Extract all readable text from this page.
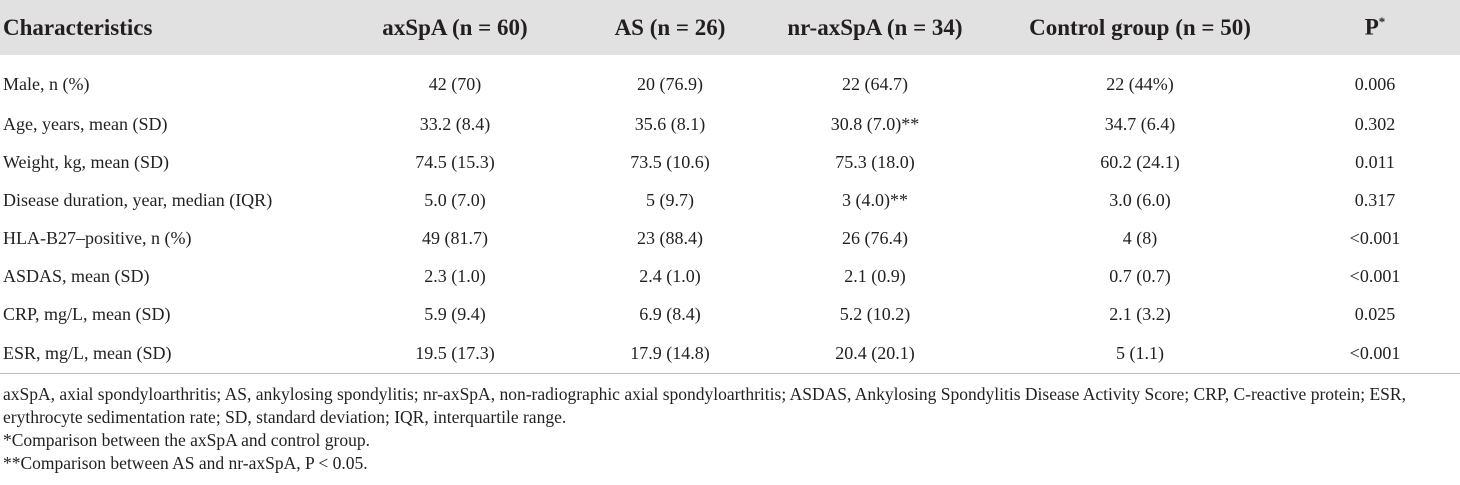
Characteristics	axSpA (n = 60)	AS (n = 26)	nr-axSpA (n = 34)	Control group (n = 50)	P*
Male, n (%)	42 (70)	20 (76.9)	22 (64.7)	22 (44%)	0.006
Age, years, mean (SD)	33.2 (8.4)	35.6 (8.1)	30.8 (7.0)**	34.7 (6.4)	0.302
Weight, kg, mean (SD)	74.5 (15.3)	73.5 (10.6)	75.3 (18.0)	60.2 (24.1)	0.011
Disease duration, year, median (IQR)	5.0 (7.0)	5 (9.7)	3 (4.0)**	3.0 (6.0)	0.317
HLA-B27–positive, n (%)	49 (81.7)	23 (88.4)	26 (76.4)	4 (8)	<0.001
ASDAS, mean (SD)	2.3 (1.0)	2.4 (1.0)	2.1 (0.9)	0.7 (0.7)	<0.001
CRP, mg/L, mean (SD)	5.9 (9.4)	6.9 (8.4)	5.2 (10.2)	2.1 (3.2)	0.025
ESR, mg/L, mean (SD)	19.5 (17.3)	17.9 (14.8)	20.4 (20.1)	5 (1.1)	<0.001

axSpA, axial spondyloarthritis; AS, ankylosing spondylitis; nr-axSpA, non-radiographic axial spondyloarthritis; ASDAS, Ankylosing Spondylitis Disease Activity Score; CRP, C-reactive protein; ESR, erythrocyte sedimentation rate; SD, standard deviation; IQR, interquartile range.

*Comparison between the axSpA and control group.

**Comparison between AS and nr-axSpA, P < 0.05.
